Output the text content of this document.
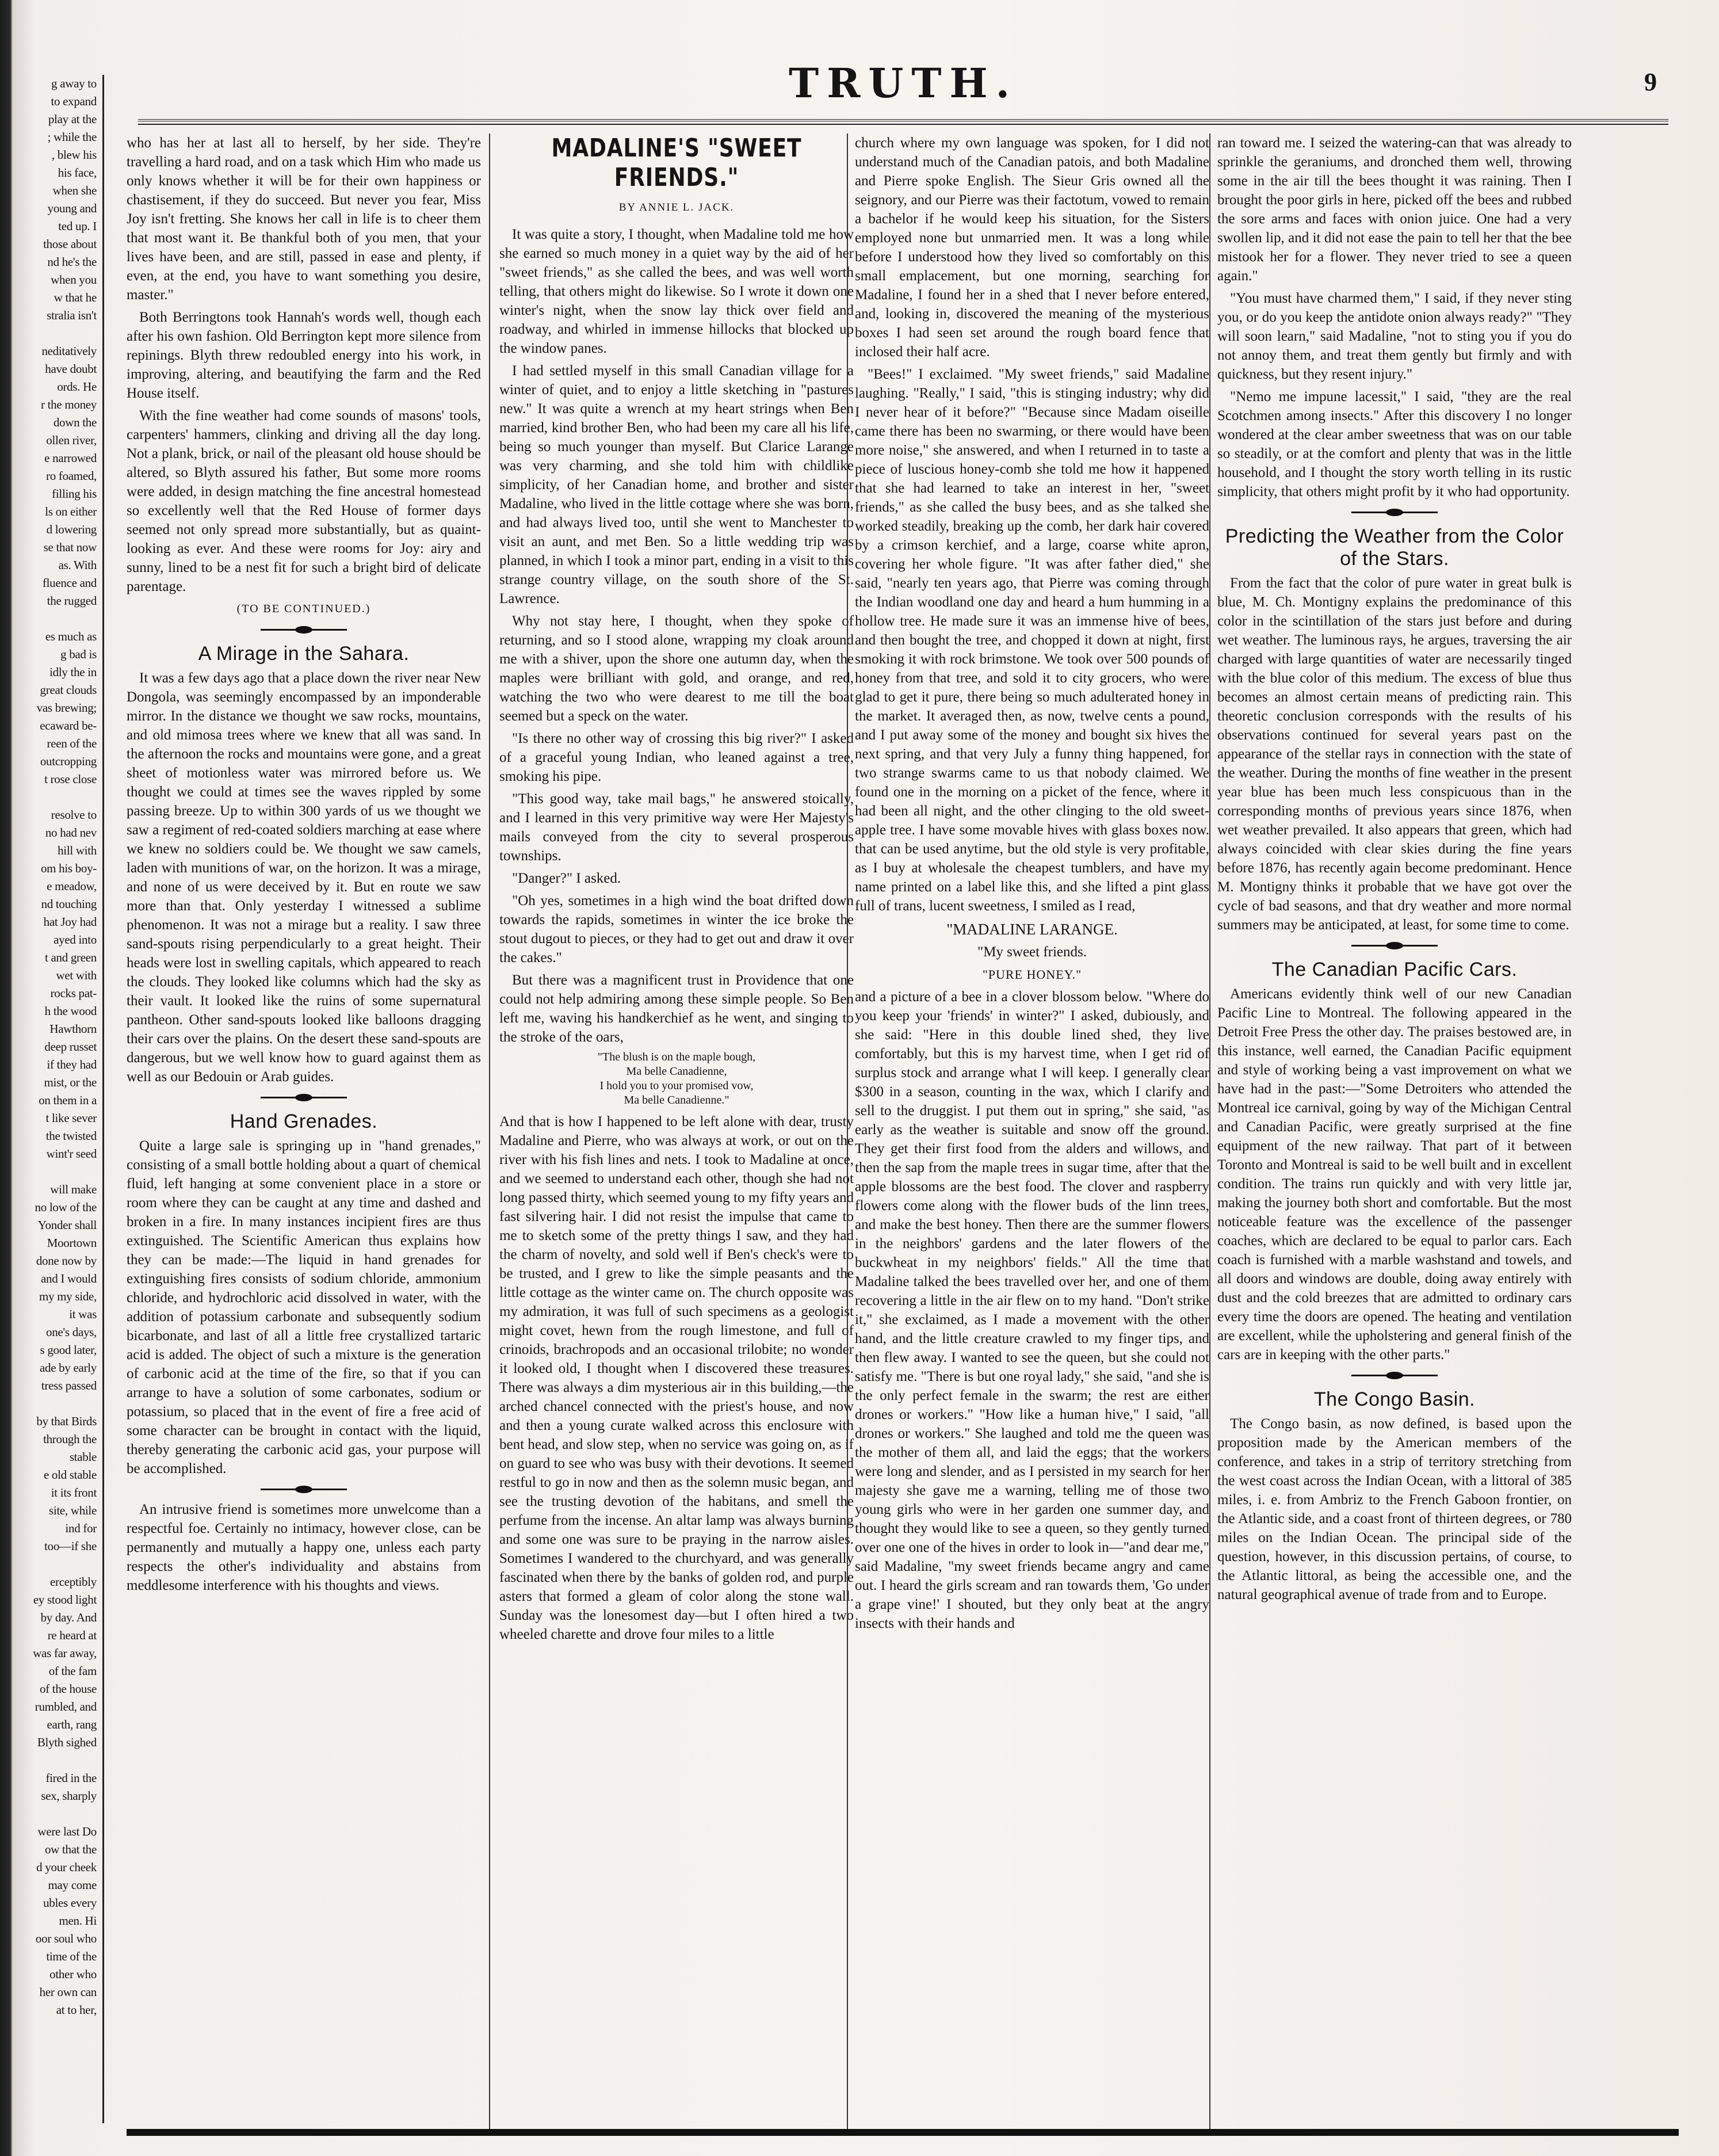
g away to

to expand

play at the

; while the

, blew his

his face,

when she

young and

ted up. I

those about

nd he's the

when you

w that he

stralia isn't

neditatively

have doubt

ords. He

r the money

down the

ollen river,

e narrowed

ro foamed,

filling his

ls on either

d lowering

se that now

as. With

fluence and

the rugged

es much as

g bad is

idly the in

great clouds

vas brewing;

ecaward be-

reen of the

outcropping

t rose close

resolve to

no had nev

hill with

om his boy-

e meadow,

nd touching

hat Joy had

ayed into

t and green

wet with

rocks pat-

h the wood

Hawthorn

deep russet

if they had

mist, or the

on them in a

t like sever

the twisted

wint'r seed

will make

no low of the

Yonder shall

Moortown

done now by

and I would

my my side,

it was

one's days,

s good later,

ade by early

tress passed

by that Birds

through the

stable

e old stable

it its front

site, while

ind for

too—if she

erceptibly

ey stood light

by day. And

re heard at

was far away,

of the fam

of the house

rumbled, and

earth, rang

Blyth sighed

fired in the

sex, sharply

were last Do

ow that the

d your cheek

may come

ubles every

men. Hi

oor soul who

time of the

other who

her own can

at to her,

TRUTH.	9

who has her at last all to herself, by her side. They're travelling a hard road, and on a task which Him who made us only knows whether it will be for their own happiness or chastisement, if they do succeed. But never you fear, Miss Joy isn't fretting. She knows her call in life is to cheer them that most want it. Be thankful both of you men, that your lives have been, and are still, passed in ease and plenty, if even, at the end, you have to want something you desire, master."

Both Berringtons took Hannah's words well, though each after his own fashion. Old Berrington kept more silence from repinings. Blyth threw redoubled energy into his work, in improving, altering, and beautifying the farm and the Red House itself.

With the fine weather had come sounds of masons' tools, carpenters' hammers, clinking and driving all the day long. Not a plank, brick, or nail of the pleasant old house should be altered, so Blyth assured his father, But some more rooms were added, in design matching the fine ancestral homestead so excellently well that the Red House of former days seemed not only spread more substantially, but as quaint-looking as ever. And these were rooms for Joy: airy and sunny, lined to be a nest fit for such a bright bird of delicate parentage.

(TO BE CONTINUED.)

A Mirage in the Sahara.

It was a few days ago that a place down the river near New Dongola, was seemingly encompassed by an imponderable mirror. In the distance we thought we saw rocks, mountains, and old mimosa trees where we knew that all was sand. In the afternoon the rocks and mountains were gone, and a great sheet of motionless water was mirrored before us. We thought we could at times see the waves rippled by some passing breeze. Up to within 300 yards of us we thought we saw a regiment of red-coated soldiers marching at ease where we knew no soldiers could be. We thought we saw camels, laden with munitions of war, on the horizon. It was a mirage, and none of us were deceived by it. But en route we saw more than that. Only yesterday I witnessed a sublime phenomenon. It was not a mirage but a reality. I saw three sand-spouts rising perpendicularly to a great height. Their heads were lost in swelling capitals, which appeared to reach the clouds. They looked like columns which had the sky as their vault. It looked like the ruins of some supernatural pantheon. Other sand-spouts looked like balloons dragging their cars over the plains. On the desert these sand-spouts are dangerous, but we well know how to guard against them as well as our Bedouin or Arab guides.

Hand Grenades.

Quite a large sale is springing up in "hand grenades," consisting of a small bottle holding about a quart of chemical fluid, left hanging at some convenient place in a store or room where they can be caught at any time and dashed and broken in a fire. In many instances incipient fires are thus extinguished. The Scientific American thus explains how they can be made:—The liquid in hand grenades for extinguishing fires consists of sodium chloride, ammonium chloride, and hydrochloric acid dissolved in water, with the addition of potassium carbonate and subsequently sodium bicarbonate, and last of all a little free crystallized tartaric acid is added. The object of such a mixture is the generation of carbonic acid at the time of the fire, so that if you can arrange to have a solution of some carbonates, sodium or potassium, so placed that in the event of fire a free acid of some character can be brought in contact with the liquid, thereby generating the carbonic acid gas, your purpose will be accomplished.

An intrusive friend is sometimes more unwelcome than a respectful foe. Certainly no intimacy, however close, can be permanently and mutually a happy one, unless each party respects the other's individuality and abstains from meddlesome interference with his thoughts and views.

MADALINE'S "SWEET FRIENDS."

BY ANNIE L. JACK.

It was quite a story, I thought, when Madaline told me how she earned so much money in a quiet way by the aid of her "sweet friends," as she called the bees, and was well worth telling, that others might do likewise. So I wrote it down one winter's night, when the snow lay thick over field and roadway, and whirled in immense hillocks that blocked up the window panes.

I had settled myself in this small Canadian village for a winter of quiet, and to enjoy a little sketching in "pastures new." It was quite a wrench at my heart strings when Ben married, kind brother Ben, who had been my care all his life, being so much younger than myself. But Clarice Larange was very charming, and she told him with childlike simplicity, of her Canadian home, and brother and sister Madaline, who lived in the little cottage where she was born, and had always lived too, until she went to Manchester to visit an aunt, and met Ben. So a little wedding trip was planned, in which I took a minor part, ending in a visit to this strange country village, on the south shore of the St. Lawrence.

Why not stay here, I thought, when they spoke of returning, and so I stood alone, wrapping my cloak around me with a shiver, upon the shore one autumn day, when the maples were brilliant with gold, and orange, and red, watching the two who were dearest to me till the boat seemed but a speck on the water.

"Is there no other way of crossing this big river?" I asked of a graceful young Indian, who leaned against a tree, smoking his pipe.

"This good way, take mail bags," he answered stoically, and I learned in this very primitive way were Her Majesty's mails conveyed from the city to several prosperous townships.

"Danger?" I asked.

"Oh yes, sometimes in a high wind the boat drifted down towards the rapids, sometimes in winter the ice broke the stout dugout to pieces, or they had to get out and draw it over the cakes."

But there was a magnificent trust in Providence that one could not help admiring among these simple people. So Ben left me, waving his handkerchief as he went, and singing to the stroke of the oars,

"The blush is on the maple bough,
Ma belle Canadienne,
I hold you to your promised vow,
Ma belle Canadienne."

And that is how I happened to be left alone with dear, trusty Madaline and Pierre, who was always at work, or out on the river with his fish lines and nets. I took to Madaline at once, and we seemed to understand each other, though she had not long passed thirty, which seemed young to my fifty years and fast silvering hair. I did not resist the impulse that came to me to sketch some of the pretty things I saw, and they had the charm of novelty, and sold well if Ben's check's were to be trusted, and I grew to like the simple peasants and the little cottage as the winter came on. The church opposite was my admiration, it was full of such specimens as a geologist might covet, hewn from the rough limestone, and full of crinoids, brachropods and an occasional trilobite; no wonder it looked old, I thought when I discovered these treasures. There was always a dim mysterious air in this building,—the arched chancel connected with the priest's house, and now and then a young curate walked across this enclosure with bent head, and slow step, when no service was going on, as if on guard to see who was busy with their devotions. It seemed restful to go in now and then as the solemn music began, and see the trusting devotion of the habitans, and smell the perfume from the incense. An altar lamp was always burning and some one was sure to be praying in the narrow aisles. Sometimes I wandered to the churchyard, and was generally fascinated when there by the banks of golden rod, and purple asters that formed a gleam of color along the stone wall. Sunday was the lonesomest day—but I often hired a two wheeled charette and drove four miles to a little

church where my own language was spoken, for I did not understand much of the Canadian patois, and both Madaline and Pierre spoke English. The Sieur Gris owned all the seignory, and our Pierre was their factotum, vowed to remain a bachelor if he would keep his situation, for the Sisters employed none but unmarried men. It was a long while before I understood how they lived so comfortably on this small emplacement, but one morning, searching for Madaline, I found her in a shed that I never before entered, and, looking in, discovered the meaning of the mysterious boxes I had seen set around the rough board fence that inclosed their half acre.

"Bees!" I exclaimed. "My sweet friends," said Madaline laughing. "Really," I said, "this is stinging industry; why did I never hear of it before?" "Because since Madam oiseille came there has been no swarming, or there would have been more noise," she answered, and when I returned in to taste a piece of luscious honey-comb she told me how it happened that she had learned to take an interest in her, "sweet friends," as she called the busy bees, and as she talked she worked steadily, breaking up the comb, her dark hair covered by a crimson kerchief, and a large, coarse white apron, covering her whole figure. "It was after father died," she said, "nearly ten years ago, that Pierre was coming through the Indian woodland one day and heard a hum humming in a hollow tree. He made sure it was an immense hive of bees, and then bought the tree, and chopped it down at night, first smoking it with rock brimstone. We took over 500 pounds of honey from that tree, and sold it to city grocers, who were glad to get it pure, there being so much adulterated honey in the market. It averaged then, as now, twelve cents a pound, and I put away some of the money and bought six hives the next spring, and that very July a funny thing happened, for two strange swarms came to us that nobody claimed. We found one in the morning on a picket of the fence, where it had been all night, and the other clinging to the old sweet-apple tree. I have some movable hives with glass boxes now. that can be used anytime, but the old style is very profitable, as I buy at wholesale the cheapest tumblers, and have my name printed on a label like this, and she lifted a pint glass full of trans, lucent sweetness, I smiled as I read,

"MADALINE LARANGE.

"My sweet friends.

"PURE HONEY."

and a picture of a bee in a clover blossom below. "Where do you keep your 'friends' in winter?" I asked, dubiously, and she said: "Here in this double lined shed, they live comfortably, but this is my harvest time, when I get rid of surplus stock and arrange what I will keep. I generally clear $300 in a season, counting in the wax, which I clarify and sell to the druggist. I put them out in spring," she said, "as early as the weather is suitable and snow off the ground. They get their first food from the alders and willows, and then the sap from the maple trees in sugar time, after that the apple blossoms are the best food. The clover and raspberry flowers come along with the flower buds of the linn trees, and make the best honey. Then there are the summer flowers in the neighbors' gardens and the later flowers of the buckwheat in my neighbors' fields." All the time that Madaline talked the bees travelled over her, and one of them recovering a little in the air flew on to my hand. "Don't strike it," she exclaimed, as I made a movement with the other hand, and the little creature crawled to my finger tips, and then flew away. I wanted to see the queen, but she could not satisfy me. "There is but one royal lady," she said, "and she is the only perfect female in the swarm; the rest are either drones or workers." "How like a human hive," I said, "all drones or workers." She laughed and told me the queen was the mother of them all, and laid the eggs; that the workers were long and slender, and as I persisted in my search for her majesty she gave me a warning, telling me of those two young girls who were in her garden one summer day, and thought they would like to see a queen, so they gently turned over one one of the hives in order to look in—"and dear me," said Madaline, "my sweet friends became angry and came out. I heard the girls scream and ran towards them, 'Go under a grape vine!' I shouted, but they only beat at the angry insects with their hands and

ran toward me. I seized the watering-can that was already to sprinkle the geraniums, and dronched them well, throwing some in the air till the bees thought it was raining. Then I brought the poor girls in here, picked off the bees and rubbed the sore arms and faces with onion juice. One had a very swollen lip, and it did not ease the pain to tell her that the bee mistook her for a flower. They never tried to see a queen again."

"You must have charmed them," I said, if they never sting you, or do you keep the antidote onion always ready?" "They will soon learn," said Madaline, "not to sting you if you do not annoy them, and treat them gently but firmly and with quickness, but they resent injury."

"Nemo me impune lacessit," I said, "they are the real Scotchmen among insects." After this discovery I no longer wondered at the clear amber sweetness that was on our table so steadily, or at the comfort and plenty that was in the little household, and I thought the story worth telling in its rustic simplicity, that others might profit by it who had opportunity.

Predicting the Weather from the Color of the Stars.

From the fact that the color of pure water in great bulk is blue, M. Ch. Montigny explains the predominance of this color in the scintillation of the stars just before and during wet weather. The luminous rays, he argues, traversing the air charged with large quantities of water are necessarily tinged with the blue color of this medium. The excess of blue thus becomes an almost certain means of predicting rain. This theoretic conclusion corresponds with the results of his observations continued for several years past on the appearance of the stellar rays in connection with the state of the weather. During the months of fine weather in the present year blue has been much less conspicuous than in the corresponding months of previous years since 1876, when wet weather prevailed. It also appears that green, which had always coincided with clear skies during the fine years before 1876, has recently again become predominant. Hence M. Montigny thinks it probable that we have got over the cycle of bad seasons, and that dry weather and more normal summers may be anticipated, at least, for some time to come.

The Canadian Pacific Cars.

Americans evidently think well of our new Canadian Pacific Line to Montreal. The following appeared in the Detroit Free Press the other day. The praises bestowed are, in this instance, well earned, the Canadian Pacific equipment and style of working being a vast improvement on what we have had in the past:—"Some Detroiters who attended the Montreal ice carnival, going by way of the Michigan Central and Canadian Pacific, were greatly surprised at the fine equipment of the new railway. That part of it between Toronto and Montreal is said to be well built and in excellent condition. The trains run quickly and with very little jar, making the journey both short and comfortable. But the most noticeable feature was the excellence of the passenger coaches, which are declared to be equal to parlor cars. Each coach is furnished with a marble washstand and towels, and all doors and windows are double, doing away entirely with dust and the cold breezes that are admitted to ordinary cars every time the doors are opened. The heating and ventilation are excellent, while the upholstering and general finish of the cars are in keeping with the other parts."

The Congo Basin.

The Congo basin, as now defined, is based upon the proposition made by the American members of the conference, and takes in a strip of territory stretching from the west coast across the Indian Ocean, with a littoral of 385 miles, i. e. from Ambriz to the French Gaboon frontier, on the Atlantic side, and a coast front of thirteen degrees, or 780 miles on the Indian Ocean. The principal side of the question, however, in this discussion pertains, of course, to the Atlantic littoral, as being the accessible one, and the natural geographical avenue of trade from and to Europe.
